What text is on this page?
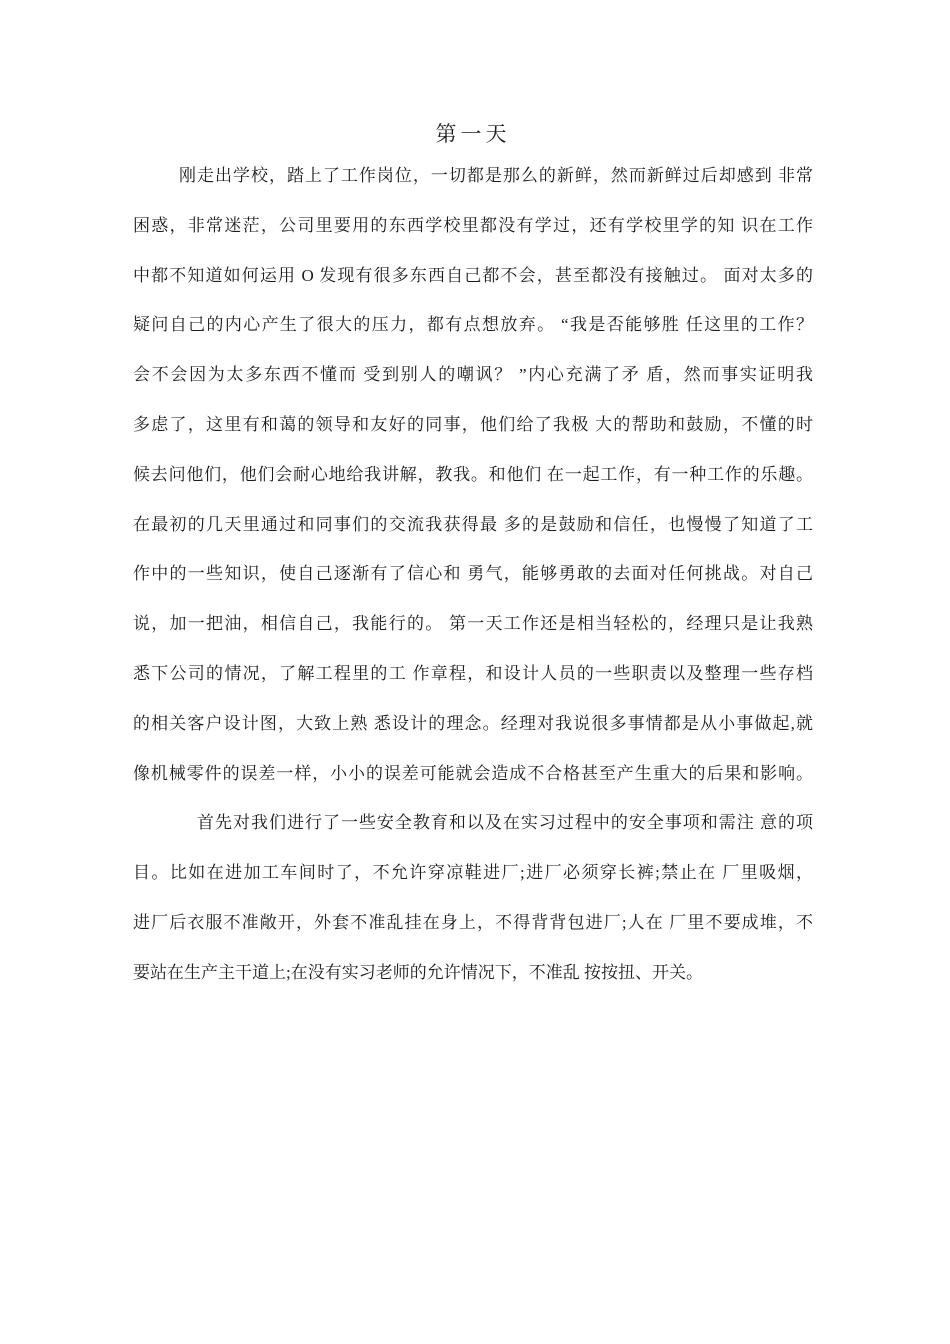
第一天
刚走出学校，踏上了工作岗位，一切都是那么的新鲜，然而新鲜过后却感到 非常
困惑，非常迷茫，公司里要用的东西学校里都没有学过，还有学校里学的知 识在工作
中都不知道如何运用 O 发现有很多东西自己都不会，甚至都没有接触过。 面对太多的
疑问自己的内心产生了很大的压力，都有点想放弃。 “我是否能够胜 任这里的工作？
会不会因为太多东西不懂而 受到别人的嘲讽？ ”内心充满了矛 盾，然而事实证明我
多虑了，这里有和蔼的领导和友好的同事，他们给了我极 大的帮助和鼓励，不懂的时
候去问他们，他们会耐心地给我讲解，教我。和他们 在一起工作，有一种工作的乐趣。
在最初的几天里通过和同事们的交流我获得最 多的是鼓励和信任，也慢慢了知道了工
作中的一些知识，使自己逐渐有了信心和 勇气，能够勇敢的去面对任何挑战。对自己
说，加一把油，相信自己，我能行的。 第一天工作还是相当轻松的，经理只是让我熟
悉下公司的情况，了解工程里的工 作章程，和设计人员的一些职责以及整理一些存档
的相关客户设计图，大致上熟 悉设计的理念。经理对我说很多事情都是从小事做起,就
像机械零件的误差一样，小小的误差可能就会造成不合格甚至产生重大的后果和影响。
首先对我们进行了一些安全教育和以及在实习过程中的安全事项和需注 意的项
目。比如在进加工车间时了，不允许穿凉鞋进厂;进厂必须穿长裤;禁止在 厂里吸烟，
进厂后衣服不准敞开，外套不准乱挂在身上，不得背背包进厂;人在 厂里不要成堆，不
要站在生产主干道上;在没有实习老师的允许情况下，不准乱 按按扭、开关。
